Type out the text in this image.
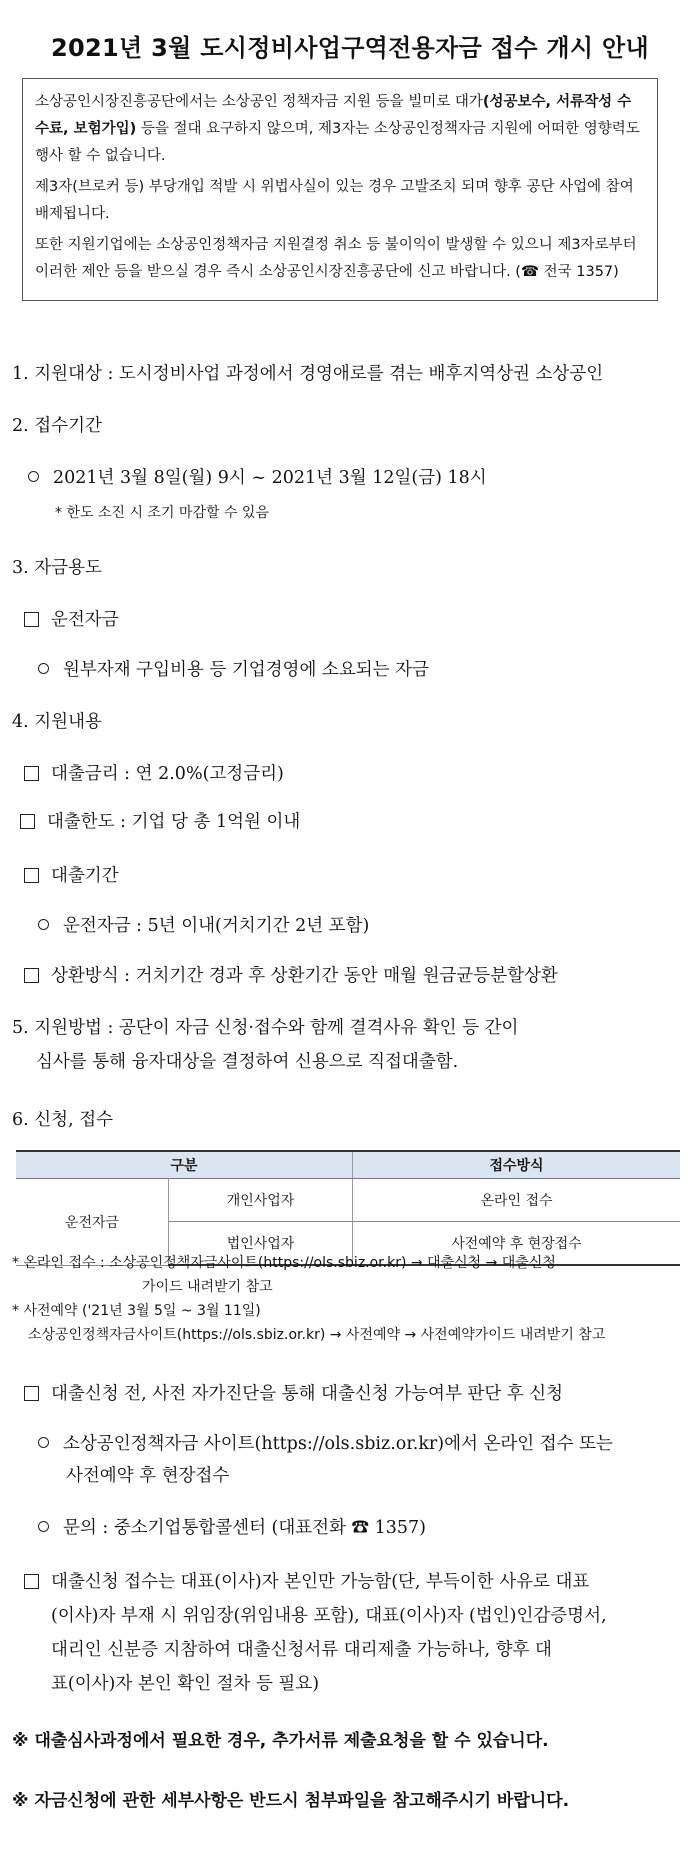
2021년 3월 도시정비사업구역전용자금 접수 개시 안내

소상공인시장진흥공단에서는 소상공인 정책자금 지원 등을 빌미로 대가(성공보수, 서류작성 수수료, 보험가입) 등을 절대 요구하지 않으며, 제3자는 소상공인정책자금 지원에 어떠한 영향력도 행사 할 수 없습니다.

제3자(브로커 등) 부당개입 적발 시 위법사실이 있는 경우 고발조치 되며 향후 공단 사업에 참여 배제됩니다.

또한 지원기업에는 소상공인정책자금 지원결정 취소 등 불이익이 발생할 수 있으니 제3자로부터 이러한 제안 등을 받으실 경우 즉시 소상공인시장진흥공단에 신고 바랍니다. (☎ 전국 1357)

1. 지원대상 : 도시정비사업 과정에서 경영애로를 겪는 배후지역상권 소상공인
2. 접수기간
2021년 3월 8일(월) 9시 ~ 2021년 3월 12일(금) 18시
* 한도 소진 시 조기 마감할 수 있음
3. 자금용도
운전자금
원부자재 구입비용 등 기업경영에 소요되는 자금
4. 지원내용
대출금리 : 연 2.0%(고정금리)
대출한도 : 기업 당 총 1억원 이내
대출기간
운전자금 : 5년 이내(거치기간 2년 포함)
상환방식 : 거치기간 경과 후 상환기간 동안 매월 원금균등분할상환
5. 지원방법 : 공단이 자금 신청·접수와 함께 결격사유 확인 등 간이
심사를 통해 융자대상을 결정하여 신용으로 직접대출함.
6. 신청, 접수
구분		접수방식
운전자금	개인사업자	온라인 접수
	법인사업자	사전예약 후 현장접수
* 온라인 접수 : 소상공인정책자금사이트(https://ols.sbiz.or.kr) → 대출신청 → 대출신청
가이드 내려받기 참고
* 사전예약 ('21년 3월 5일 ~ 3월 11일)
소상공인정책자금사이트(https://ols.sbiz.or.kr) → 사전예약 → 사전예약가이드 내려받기 참고
대출신청 전, 사전 자가진단을 통해 대출신청 가능여부 판단 후 신청
소상공인정책자금 사이트(https://ols.sbiz.or.kr)에서 온라인 접수 또는
사전예약 후 현장접수
문의 : 중소기업통합콜센터 (대표전화 ☎ 1357)
대출신청 접수는 대표(이사)자 본인만 가능함(단, 부득이한 사유로 대표
(이사)자 부재 시 위임장(위임내용 포함), 대표(이사)자 (법인)인감증명서,
대리인 신분증 지참하여 대출신청서류 대리제출 가능하나, 향후 대
표(이사)자 본인 확인 절차 등 필요)
※ 대출심사과정에서 필요한 경우, 추가서류 제출요청을 할 수 있습니다.
※ 자금신청에 관한 세부사항은 반드시 첨부파일을 참고해주시기 바랍니다.
